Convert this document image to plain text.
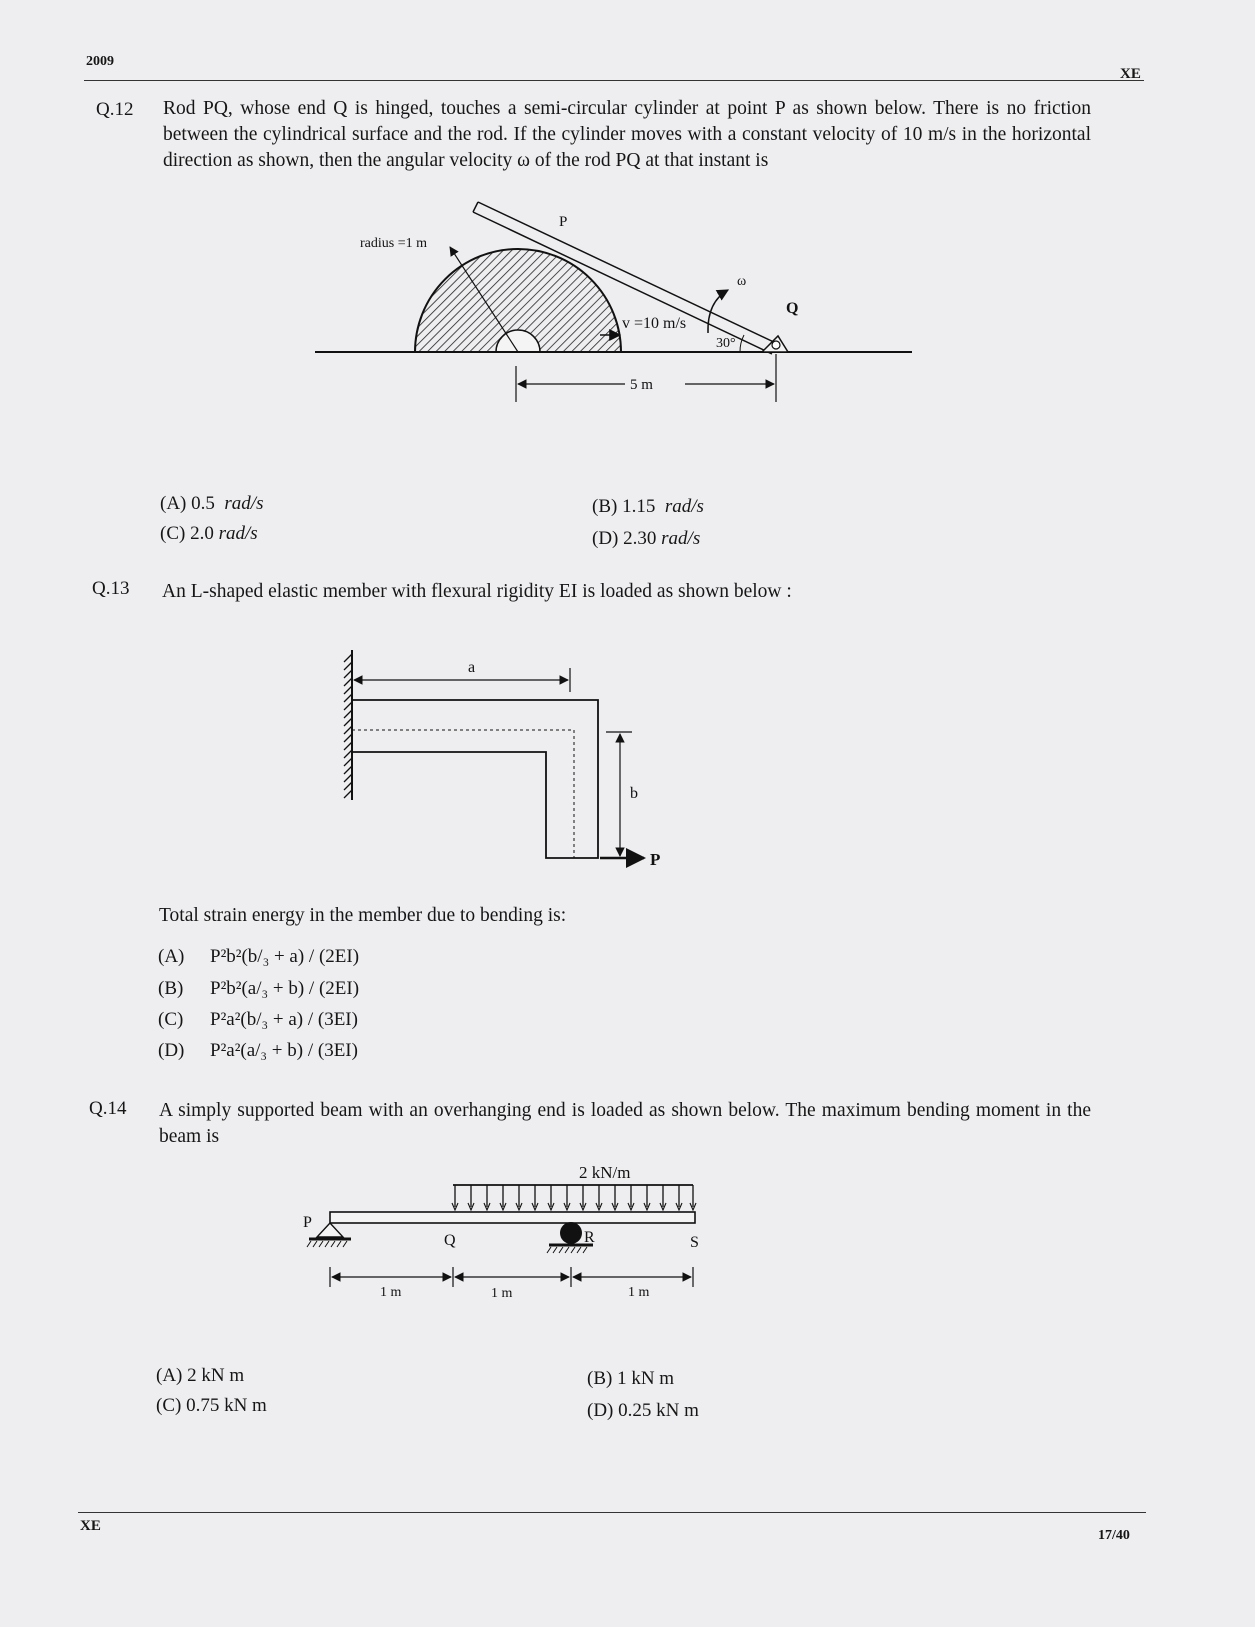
2009
XE
Q.12 Rod PQ, whose end Q is hinged, touches a semi-circular cylinder at point P as shown below. There is no friction between the cylindrical surface and the rod. If the cylinder moves with a constant velocity of 10 m/s in the horizontal direction as shown, then the angular velocity ω of the rod PQ at that instant is
radius =1 m
P
ω
Q
v =10 m/s
30°
5 m
(A) 0.5 rad/s	(B) 1.15 rad/s
(C) 2.0 rad/s	(D) 2.30 rad/s
Q.13 An L-shaped elastic member with flexural rigidity EI is loaded as shown below :
a
b
P
Total strain energy in the member due to bending is:
(A) P²b²(b/₃ + a) / (2EI)
(B) P²b²(a/₃ + b) / (2EI)
(C) P²a²(b/₃ + a) / (3EI)
(D) P²a²(a/₃ + b) / (3EI)
Q.14 A simply supported beam with an overhanging end is loaded as shown below. The maximum bending moment in the beam is
2 kN/m
P
Q	R	S
1 m	1 m	1 m
(A) 2 kN m	(B) 1 kN m
(C) 0.75 kN m	(D) 0.25 kN m
XE
17/40
